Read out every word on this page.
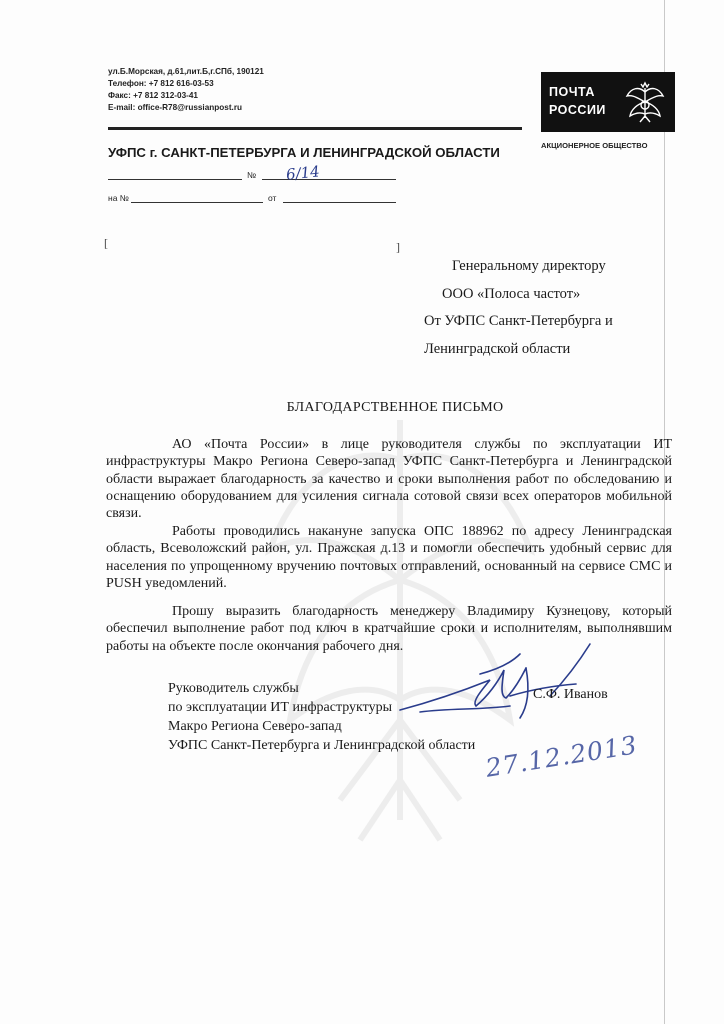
ул.Б.Морская, д.61,лит.Б,г.СПб, 190121
Телефон: +7 812 616-03-53
Факс: +7 812 312-03-41
E-mail: office-R78@russianpost.ru
ПОЧТА
РОССИИ
АКЦИОНЕРНОЕ ОБЩЕСТВО
УФПС г. САНКТ-ПЕТЕРБУРГА И ЛЕНИНГРАДСКОЙ ОБЛАСТИ
№ 6/14
на №	от
[	]
Генеральному директору
ООО «Полоса частот»
От УФПС Санкт-Петербурга и
Ленинградской области
БЛАГОДАРСТВЕННОЕ ПИСЬМО

АО «Почта России» в лице руководителя службы по эксплуатации ИТ инфраструктуры Макро Региона Северо-запад УФПС Санкт-Петербурга и Ленинградской области выражает благодарность за качество и сроки выполнения работ по обследованию и оснащению оборудованием для усиления сигнала сотовой связи всех операторов мобильной связи.

Работы проводились накануне запуска ОПС 188962 по адресу Ленинградская область, Всеволожский район, ул. Пражская д.13 и помогли обеспечить удобный сервис для населения по упрощенному вручению почтовых отправлений, основанный на сервисе СМС и PUSH уведомлений.

Прошу выразить благодарность менеджеру Владимиру Кузнецову, который обеспечил выполнение работ под ключ в кратчайшие сроки и исполнителям, выполнявшим работы на объекте после окончания рабочего дня.

Руководитель службы
по эксплуатации ИТ инфраструктуры
Макро Региона Северо-запад
УФПС Санкт-Петербурга и Ленинградской области
С.Ф. Иванов
27.12.2013
